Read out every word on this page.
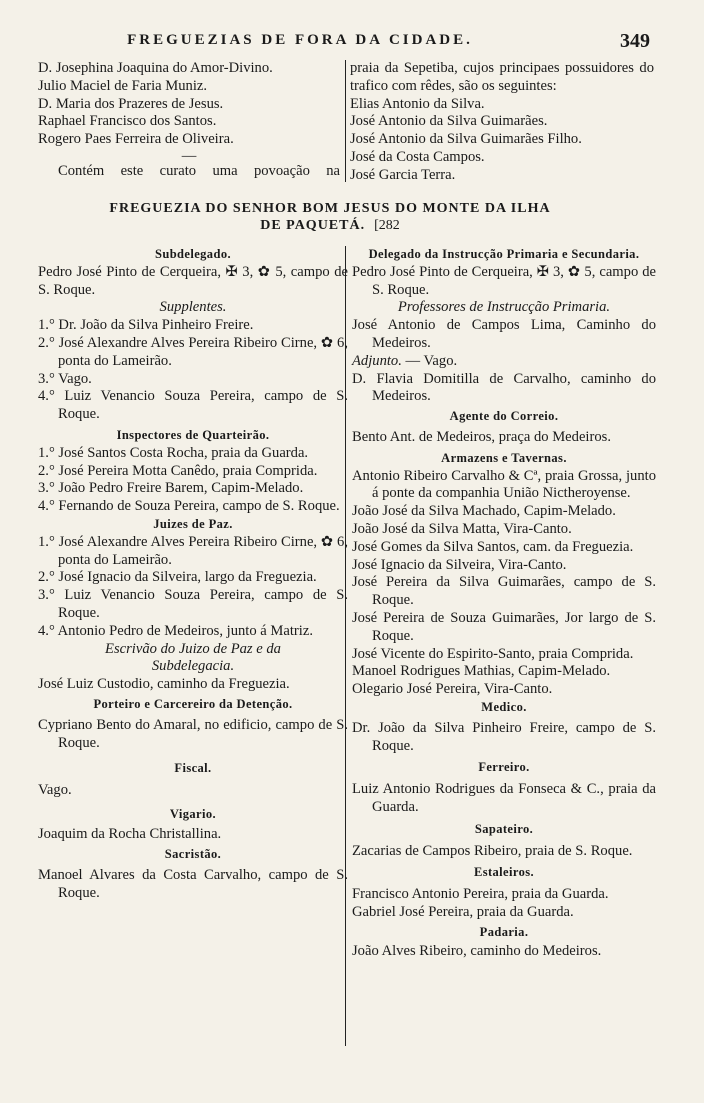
FREGUEZIAS DE FORA DA CIDADE.	349

D. Josephina Joaquina do Amor-Divino.

Julio Maciel de Faria Muniz.

D. Maria dos Prazeres de Jesus.

Raphael Francisco dos Santos.

Rogero Paes Ferreira de Oliveira.

—

Contém este curato uma povoação na

praia da Sepetiba, cujos principaes possuidores do trafico com rêdes, são os seguintes:

Elias Antonio da Silva.

José Antonio da Silva Guimarães.

José Antonio da Silva Guimarães Filho.

José da Costa Campos.

José Garcia Terra.

FREGUEZIA DO SENHOR BOM JESUS DO MONTE DA ILHA
DE PAQUETÁ. [282

Subdelegado.

Pedro José Pinto de Cerqueira, ✠ 3, ✿ 5, campo de S. Roque.

Supplentes.

1.° Dr. João da Silva Pinheiro Freire.

2.° José Alexandre Alves Pereira Ribeiro Cirne, ✿ 6, ponta do Lameirão.

3.° Vago.

4.° Luiz Venancio Souza Pereira, campo de S. Roque.

Inspectores de Quarteirão.

1.° José Santos Costa Rocha, praia da Guarda.

2.° José Pereira Motta Canêdo, praia Comprida.

3.° João Pedro Freire Barem, Capim-Melado.

4.° Fernando de Souza Pereira, campo de S. Roque.

Juizes de Paz.

1.° José Alexandre Alves Pereira Ribeiro Cirne, ✿ 6, ponta do Lameirão.

2.° José Ignacio da Silveira, largo da Freguezia.

3.° Luiz Venancio Souza Pereira, campo de S. Roque.

4.° Antonio Pedro de Medeiros, junto á Matriz.

Escrivão do Juizo de Paz e da Subdelegacia.

José Luiz Custodio, caminho da Freguezia.

Porteiro e Carcereiro da Detenção.

Cypriano Bento do Amaral, no edificio, campo de S. Roque.

Fiscal.

Vago.

Vigario.

Joaquim da Rocha Christallina.

Sacristão.

Manoel Alvares da Costa Carvalho, campo de S. Roque.

Delegado da Instrucção Primaria e Secundaria.

Pedro José Pinto de Cerqueira, ✠ 3, ✿ 5, campo de S. Roque.

Professores de Instrucção Primaria.

José Antonio de Campos Lima, Caminho do Medeiros.

Adjunto. — Vago.

D. Flavia Domitilla de Carvalho, caminho do Medeiros.

Agente do Correio.

Bento Ant. de Medeiros, praça do Medeiros.

Armazens e Tavernas.

Antonio Ribeiro Carvalho & Cª, praia Grossa, junto á ponte da companhia União Nictheroyense.

João José da Silva Machado, Capim-Melado.

João José da Silva Matta, Vira-Canto.

José Gomes da Silva Santos, cam. da Freguezia.

José Ignacio da Silveira, Vira-Canto.

José Pereira da Silva Guimarães, campo de S. Roque.

José Pereira de Souza Guimarães, Jor largo de S. Roque.

José Vicente do Espirito-Santo, praia Comprida.

Manoel Rodrigues Mathias, Capim-Melado.

Olegario José Pereira, Vira-Canto.

Medico.

Dr. João da Silva Pinheiro Freire, campo de S. Roque.

Ferreiro.

Luiz Antonio Rodrigues da Fonseca & C., praia da Guarda.

Sapateiro.

Zacarias de Campos Ribeiro, praia de S. Roque.

Estaleiros.

Francisco Antonio Pereira, praia da Guarda.

Gabriel José Pereira, praia da Guarda.

Padaria.

João Alves Ribeiro, caminho do Medeiros.
